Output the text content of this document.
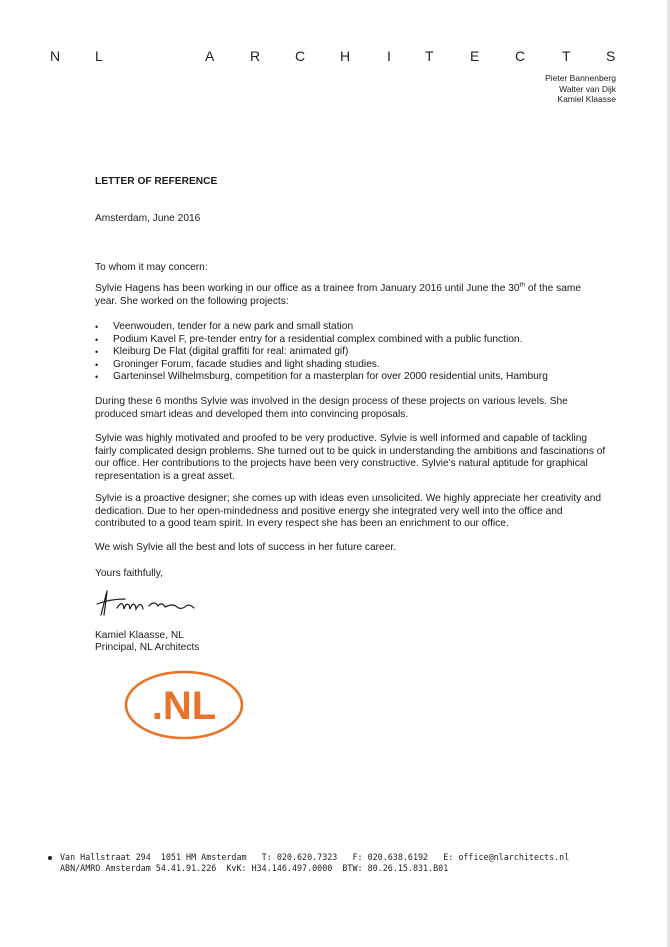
N L	A	R C H	I T	E	C	T	S
Pieter Bannenberg
Walter van Dijk
Kamiel Klaasse
LETTER OF REFERENCE
Amsterdam, June 2016
To whom it may concern:

Sylvie Hagens has been working in our office as a trainee from January 2016 until June the 30th of the same year. She worked on the following projects:

• Veenwouden, tender for a new park and small station
• Podium Kavel F, pre-tender entry for a residential complex combined with a public function.
• Kleiburg De Flat (digital graffiti for real: animated gif)
• Groninger Forum, facade studies and light shading studies.
• Garteninsel Wilhelmsburg, competition for a masterplan for over 2000 residential units, Hamburg

During these 6 months Sylvie was involved in the design process of these projects on various levels. She produced smart ideas and developed them into convincing proposals.

Sylvie was highly motivated and proofed to be very productive. Sylvie is well informed and capable of tackling fairly complicated design problems. She turned out to be quick in understanding the ambitions and fascinations of our office. Her contributions to the projects have been very constructive. Sylvie's natural aptitude for graphical representation is a great asset.

Sylvie is a proactive designer; she comes up with ideas even unsolicited. We highly appreciate her creativity and dedication. Due to her open-mindedness and positive energy she integrated very well into the office and contributed to a good team spirit. In every respect she has been an enrichment to our office.

We wish Sylvie all the best and lots of success in her future career.

Yours faithfully,
Kamiel Klaasse, NL
Principal, NL Architects
.NL
Van Hallstraat 294  1051 HM Amsterdam   T: 020.620.7323   F: 020.638.6192   E: office@nlarchitects.nl
ABN/AMRO Amsterdam 54.41.91.226  KvK: H34.146.497.0000  BTW: 80.26.15.831.B01
